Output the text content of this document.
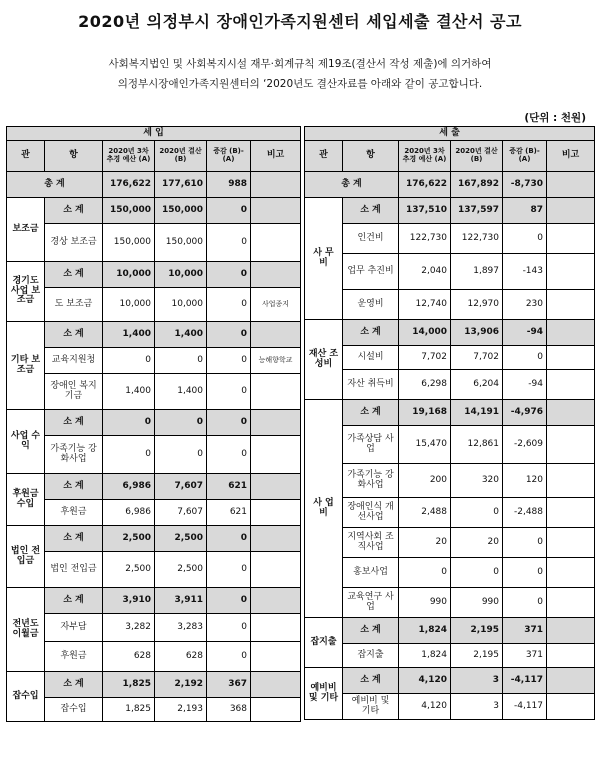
2020년 의정부시 장애인가족지원센터 세입세출 결산서 공고
사회복지법인 및 사회복지시설 재무·회계규칙 제19조(결산서 작성 제출)에 의거하여
의정부시장애인가족지원센터의 ‘2020년도 결산자료를 아래와 같이 공고합니다.
(단위 : 천원)
세 입					
관	항	2020년 3차 추경 예산 (A)	2020년 결산 (B)	증감 (B)-(A)	비고
총 계		176,622	177,610	988	
보조금	소 계	150,000	150,000	0	
	경상 보조금	150,000	150,000	0	
경기도 사업 보조금	소 계	10,000	10,000	0	
	도 보조금	10,000	10,000	0	사업종지
기타 보조금	소 계	1,400	1,400	0	
	교육지원청	0	0	0	능해향학교
	장애인 복지기금	1,400	1,400	0	
사업 수익	소 계	0	0	0	
	가족기능 강화사업	0	0	0	
후원금 수입	소 계	6,986	7,607	621	
	후원금	6,986	7,607	621	
법인 전입금	소 계	2,500	2,500	0	
	법인 전입금	2,500	2,500	0	
전년도 이월금	소 계	3,910	3,911	0	
	자부담	3,282	3,283	0	
	후원금	628	628	0	
잡수입	소 계	1,825	2,192	367	
	잡수입	1,825	2,193	368	
세 출					
관	항	2020년 3차 추경 예산 (A)	2020년 결산 (B)	증감 (B)-(A)	비고
총 계		176,622	167,892	-8,730	
사 무 비	소 계	137,510	137,597	87	
	인건비	122,730	122,730	0	
	업무 추진비	2,040	1,897	-143	
	운영비	12,740	12,970	230	
재산 조성비	소 계	14,000	13,906	-94	
	시설비	7,702	7,702	0	
	자산 취득비	6,298	6,204	-94	
사 업 비	소 계	19,168	14,191	-4,976	
	가족상담 사업	15,470	12,861	-2,609	
	가족기능 강화사업	200	320	120	
	장애인식 개선사업	2,488	0	-2,488	
	지역사회 조직사업	20	20	0	
	홍보사업	0	0	0	
	교육연구 사업	990	990	0	
잡지출	소 계	1,824	2,195	371	
	잡지출	1,824	2,195	371	
예비비 및 기타	소 계	4,120	3	-4,117	
	예비비 및 기타	4,120	3	-4,117	
